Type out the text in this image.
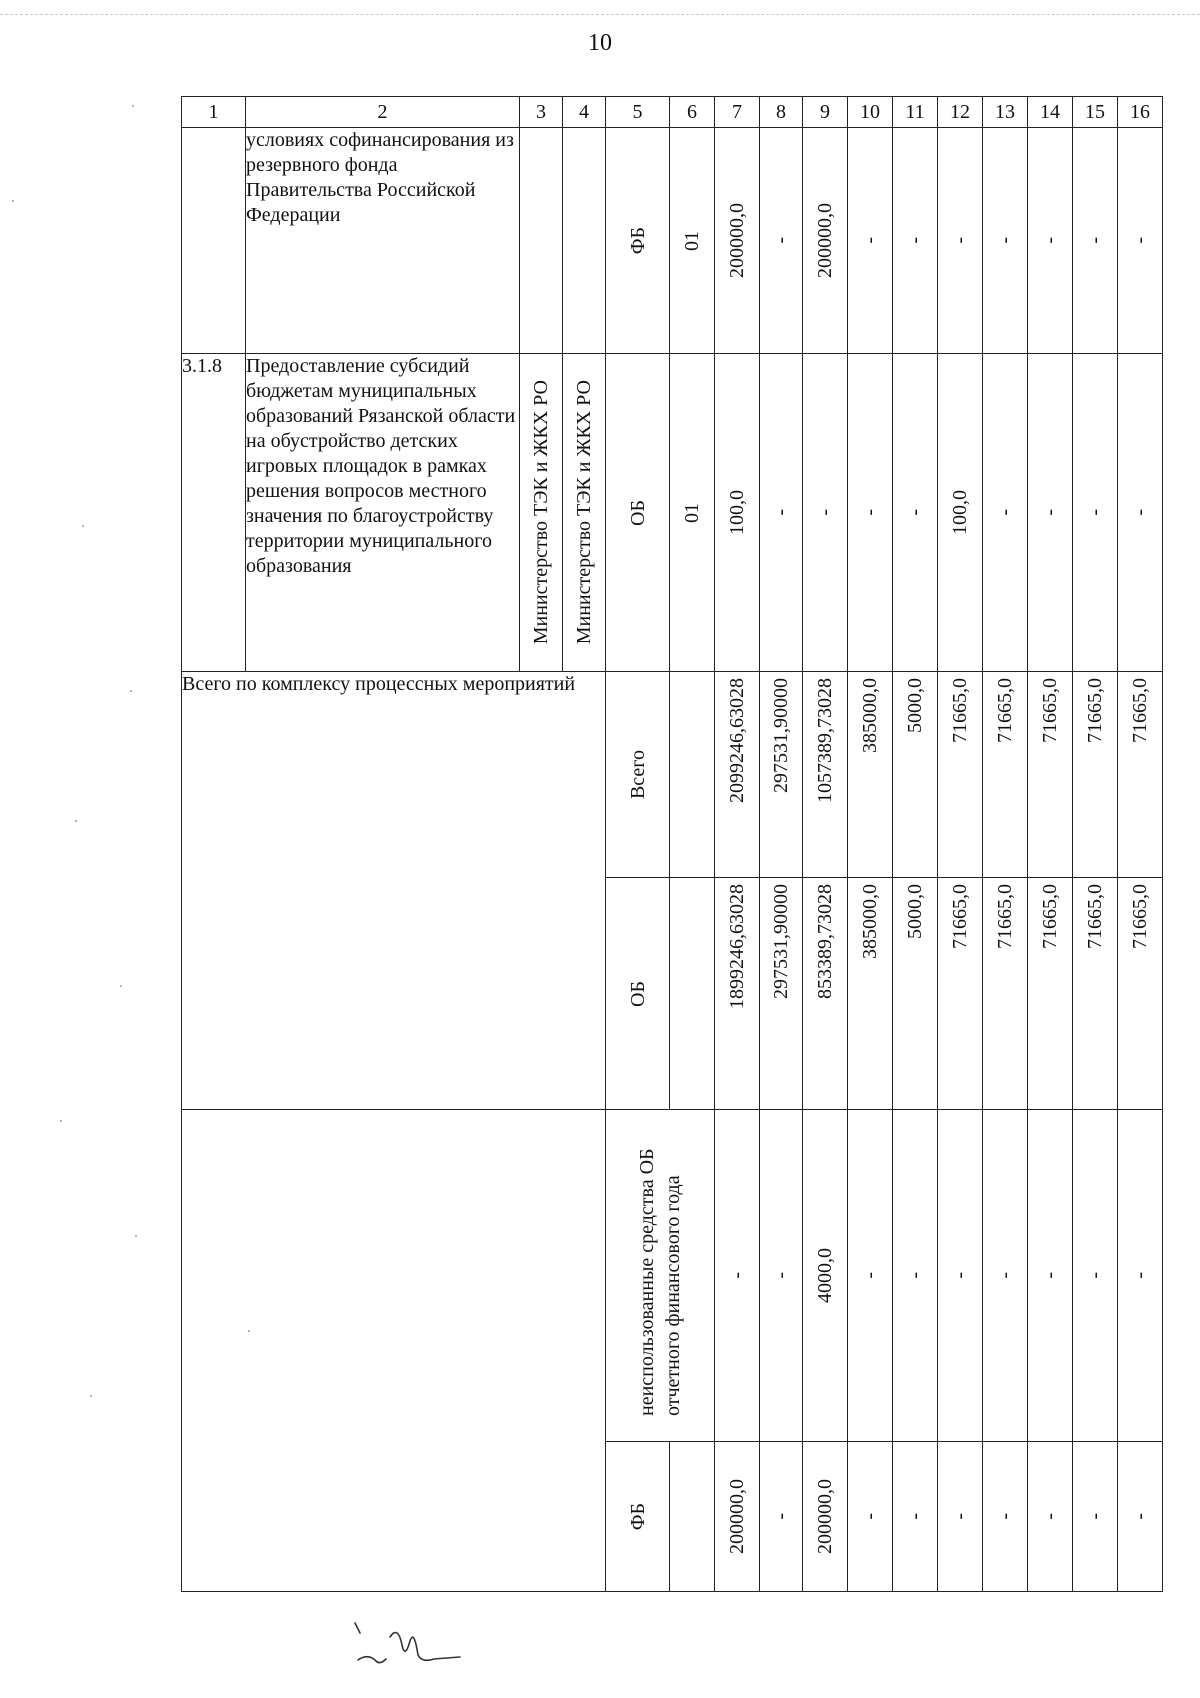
10
1	2	3	4	5	6	7	8	9	10	11	12	13	14	15	16
	условиях софинансирования из резервного фонда Правительства Российской Федерации			ФБ	01	200000,0	-	200000,0	-	-	-	-	-	-	-

3.1.8	Предоставление субсидий бюджетам муниципальных образований Рязанской области на обустройство детских игровых площадок в рамках решения вопросов местного значения по благоустройству территории муниципального образования	Министерство ТЭК и ЖКХ РО	Министерство ТЭК и ЖКХ РО	ОБ	01	100,0	-	-	-	-	100,0	-	-	-	-

Всего по комплексу процессных мероприятий				Всего		2099246,63028	297531,90000	1057389,73028	385000,0	5000,0	71665,0	71665,0	71665,0	71665,0	71665,0

				ОБ		1899246,63028	297531,90000	853389,73028	385000,0	5000,0	71665,0	71665,0	71665,0	71665,0	71665,0

				неиспользованные средства ОБ отчетного финансового года		-	-	4000,0	-	-	-	-	-	-	-

				ФБ		200000,0	-	200000,0	-	-	-	-	-	-	-
